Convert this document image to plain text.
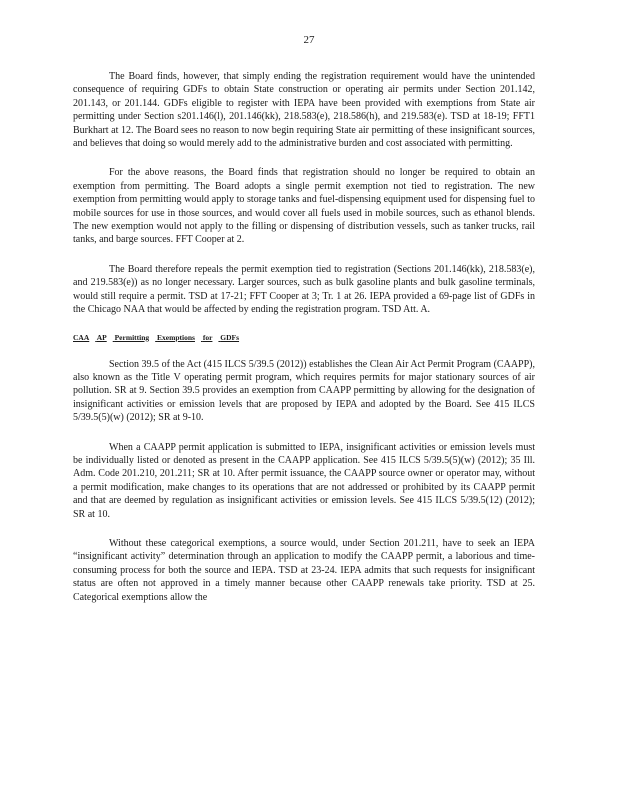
27

The Board finds, however, that simply ending the registration requirement would have the unintended consequence of requiring GDFs to obtain State construction or operating air permits under Section 201.142, 201.143, or 201.144. GDFs eligible to register with IEPA have been provided with exemptions from State air permitting under Section s201.146(l), 201.146(kk), 218.583(e), 218.586(h), and 219.583(e). TSD at 18-19; FFT1 Burkhart at 12. The Board sees no reason to now begin requiring State air permitting of these insignificant sources, and believes that doing so would merely add to the administrative burden and cost associated with permitting.

For the above reasons, the Board finds that registration should no longer be required to obtain an exemption from permitting. The Board adopts a single permit exemption not tied to registration. The new exemption from permitting would apply to storage tanks and fuel-dispensing equipment used for dispensing fuel to mobile sources for use in those sources, and would cover all fuels used in mobile sources, such as ethanol blends. The new exemption would not apply to the filling or dispensing of distribution vessels, such as tanker trucks, rail tanks, and barge sources. FFT Cooper at 2.

The Board therefore repeals the permit exemption tied to registration (Sections 201.146(kk), 218.583(e), and 219.583(e)) as no longer necessary. Larger sources, such as bulk gasoline plants and bulk gasoline terminals, would still require a permit. TSD at 17-21; FFT Cooper at 3; Tr. 1 at 26. IEPA provided a 69-page list of GDFs in the Chicago NAA that would be affected by ending the registration program. TSD Att. A.

CAA AP Permitting Exemptions for GDFs

Section 39.5 of the Act (415 ILCS 5/39.5 (2012)) establishes the Clean Air Act Permit Program (CAAPP), also known as the Title V operating permit program, which requires permits for major stationary sources of air pollution. SR at 9. Section 39.5 provides an exemption from CAAPP permitting by allowing for the designation of insignificant activities or emission levels that are proposed by IEPA and adopted by the Board. See 415 ILCS 5/39.5(5)(w) (2012); SR at 9-10.

When a CAAPP permit application is submitted to IEPA, insignificant activities or emission levels must be individually listed or denoted as present in the CAAPP application. See 415 ILCS 5/39.5(5)(w) (2012); 35 Ill. Adm. Code 201.210, 201.211; SR at 10. After permit issuance, the CAAPP source owner or operator may, without a permit modification, make changes to its operations that are not addressed or prohibited by its CAAPP permit and that are deemed by regulation as insignificant activities or emission levels. See 415 ILCS 5/39.5(12) (2012); SR at 10.

Without these categorical exemptions, a source would, under Section 201.211, have to seek an IEPA “insignificant activity” determination through an application to modify the CAAPP permit, a laborious and time-consuming process for both the source and IEPA. TSD at 23-24. IEPA admits that such requests for insignificant status are often not approved in a timely manner because other CAAPP renewals take priority. TSD at 25. Categorical exemptions allow the
